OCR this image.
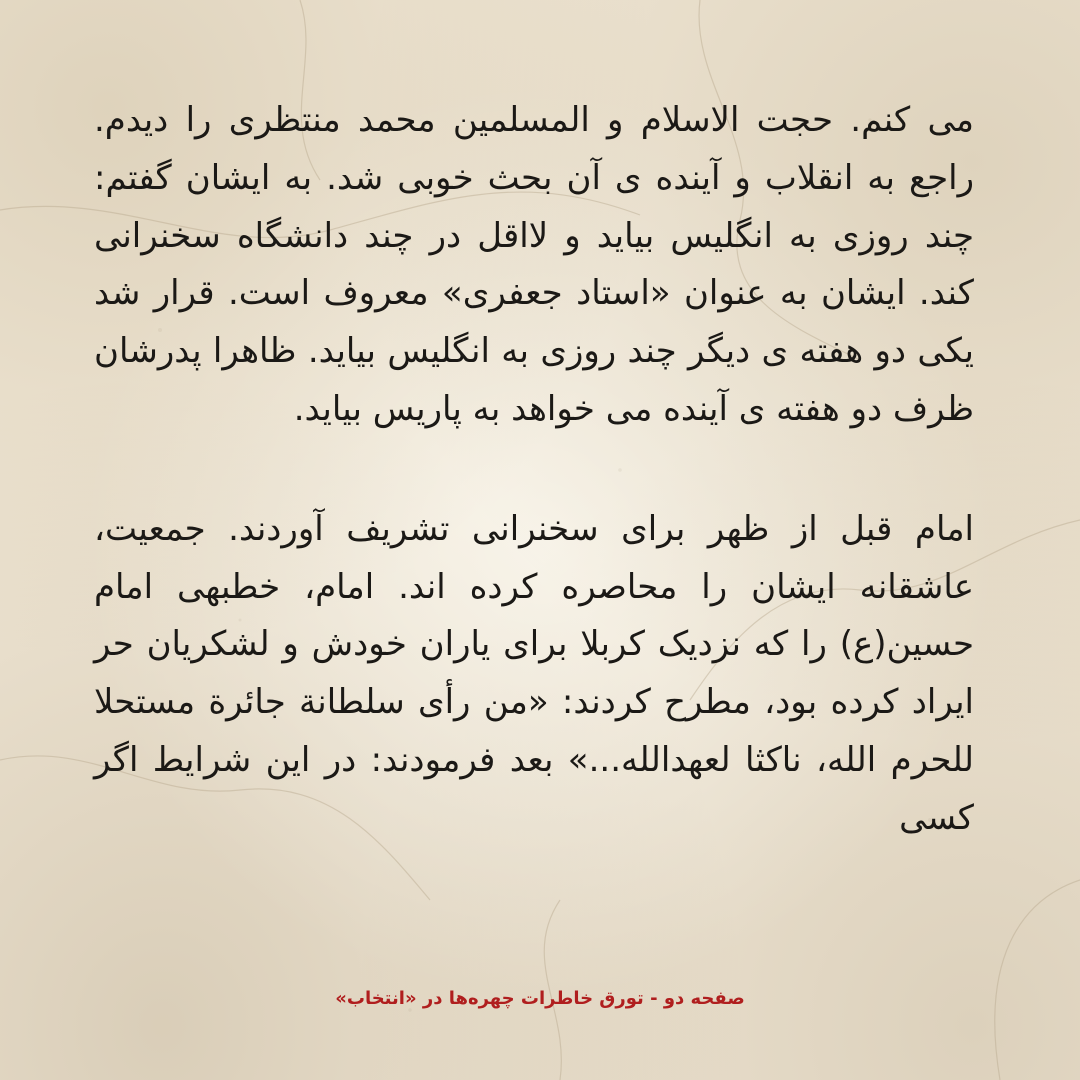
می کنم. حجت الاسلام و المسلمین محمد منتظری را دیدم. راجع به انقلاب و آینده ی آن بحث خوبی شد. به ایشان گفتم: چند روزی به انگلیس بیاید و لااقل در چند دانشگاه سخنرانی کند. ایشان به عنوان «استاد جعفری» معروف است. قرار شد یکی دو هفته ی دیگر چند روزی به انگلیس بیاید. ظاهرا پدرشان ظرف دو هفته ی آینده می خواهد به پاریس بیاید.

امام قبل از ظهر برای سخنرانی تشریف آوردند. جمعیت، عاشقانه ایشان را محاصره کرده اند. امام، خطبهی امام حسین(ع) را که نزدیک کربلا برای یاران خودش و لشکریان حر ایراد کرده بود، مطرح کردند: «من رأی سلطانة جائرة مستحلا للحرم الله، ناکثا لعهدالله...» بعد فرمودند: در این شرایط اگر کسی

صفحه دو - تورق خاطرات چهره‌ها در «انتخاب»
